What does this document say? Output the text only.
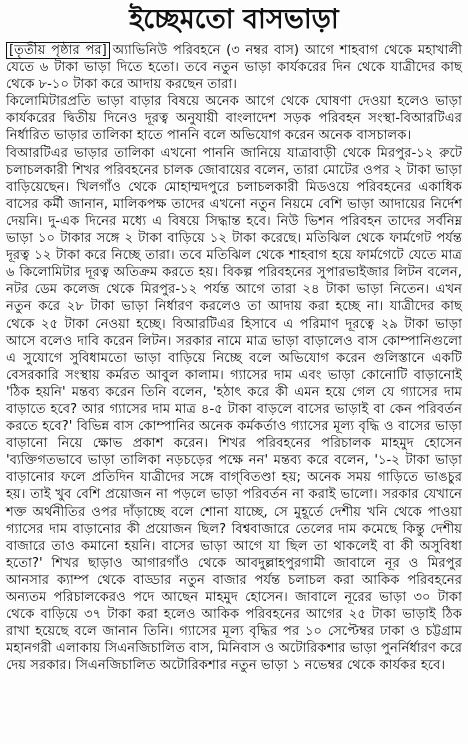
ইচ্ছেমতো বাসভাড়া

[তৃতীয় পৃষ্ঠার পর] অ্যাভিনিউ পরিবহনে (৩ নম্বর বাস) আগে শাহবাগ থেকে মহাখালী যেতে ৬ টাকা ভাড়া দিতে হতো। তবে নতুন ভাড়া কার্যকরের দিন থেকে যাত্রীদের কাছ থেকে ৮-১০ টাকা করে আদায় করছেন তারা।

কিলোমিটারপ্রতি ভাড়া বাড়ার বিষয়ে অনেক আগে থেকে ঘোষণা দেওয়া হলেও ভাড়া কার্যকরের দ্বিতীয় দিনেও দূরত্ব অনুযায়ী বাংলাদেশ সড়ক পরিবহন সংস্থা-বিআরটিএর নির্ধারিত ভাড়ার তালিকা হাতে পাননি বলে অভিযোগ করেন অনেক বাসচালক।

বিআরটিএর ভাড়ার তালিকা এখনো পাননি জানিয়ে যাত্রাবাড়ী থেকে মিরপুর-১২ রুটে চলাচলকারী শিখর পরিবহনের চালক জোবায়ের বলেন, তারা মোটের ওপর ২ টাকা ভাড়া বাড়িয়েছেন। খিলগাঁও থেকে মোহাম্মদপুরে চলাচলকারী মিডওয়ে পরিবহনের একাধিক বাসের কর্মী জানান, মালিকপক্ষ তাদের এখনো নতুন নিয়মে বেশি ভাড়া আদায়ের নির্দেশ দেয়নি। দু-এক দিনের মধ্যে এ বিষয়ে সিদ্ধান্ত হবে। নিউ ভিশন পরিবহন তাদের সর্বনিম্ন ভাড়া ১০ টাকার সঙ্গে ২ টাকা বাড়িয়ে ১২ টাকা করেছে। মতিঝিল থেকে ফার্মগেট পর্যন্ত দূরত্ব ১২ টাকা করে নিচ্ছে তারা। তবে মতিঝিল থেকে শাহবাগ হয়ে ফার্মগেটে যেতে মাত্র ৬ কিলোমিটার দূরত্ব অতিক্রম করতে হয়। বিকল্প পরিবহনের সুপারভাইজার লিটন বলেন, নটর ডেম কলেজ থেকে মিরপুর-১২ পর্যন্ত আগে তারা ২৪ টাকা ভাড়া নিতেন। এখন নতুন করে ২৮ টাকা ভাড়া নির্ধারণ করলেও তা আদায় করা হচ্ছে না। যাত্রীদের কাছ থেকে ২৫ টাকা নেওয়া হচ্ছে। বিআরটিএর হিসাবে এ পরিমাণ দূরত্বে ২৯ টাকা ভাড়া আসে বলেও দাবি করেন লিটন। সরকার নামে মাত্র ভাড়া বাড়ালেও বাস কোম্পানিগুলো এ সুযোগে সুবিধামতো ভাড়া বাড়িয়ে নিচ্ছে বলে অভিযোগ করেন গুলিস্তানে একটি বেসরকারি সংস্থায় কর্মরত আবুল কালাম। গ্যাসের দাম এবং ভাড়া কোনোটি বাড়ানোই 'ঠিক হয়নি' মন্তব্য করেন তিনি বলেন, 'হঠাৎ করে কী এমন হয়ে গেল যে গ্যাসের দাম বাড়াতে হবে? আর গ্যাসের দাম মাত্র ৪-৫ টাকা বাড়লে বাসের ভাড়াই বা কেন পরিবর্তন করতে হবে?' বিভিন্ন বাস কোম্পানির অনেক কর্মকর্তাও গ্যাসের মূল্য বৃদ্ধি ও বাসের ভাড়া বাড়ানো নিয়ে ক্ষোভ প্রকাশ করেন। শিখর পরিবহনের পরিচালক মাহমুদ হোসেন 'ব্যক্তিগতভাবে ভাড়া তালিকা নড়চড়ের পক্ষে নন' মন্তব্য করে বলেন, '১-২ টাকা ভাড়া বাড়ানোর ফলে প্রতিদিন যাত্রীদের সঙ্গে বাগ্‌বিতণ্ডা হয়; অনেক সময় গাড়িতে ভাঙচুর হয়। তাই খুব বেশি প্রয়োজন না পড়লে ভাড়া পরিবর্তন না করাই ভালো। সরকার যেখানে শক্ত অর্থনীতির ওপর দাঁড়াচ্ছে বলে শোনা যাচ্ছে, সে মুহূর্তে দেশীয় খনি থেকে পাওয়া গ্যাসের দাম বাড়ানোর কী প্রয়োজন ছিল? বিশ্ববাজারে তেলের দাম কমেছে কিন্তু দেশীয় বাজারে তাও কমানো হয়নি। বাসের ভাড়া আগে যা ছিল তা থাকলেই বা কী অসুবিধা হতো?' শিখর ছাড়াও আগারগাঁও থেকে আবদুল্লাহপুরগামী জাবালে নূর ও মিরপুর আনসার ক্যাম্প থেকে বাড্ডার নতুন বাজার পর্যন্ত চলাচল করা আকিক পরিবহনের অন্যতম পরিচালকেরও পদে আছেন মাহমুদ হোসেন। জাবালে নূরের ভাড়া ৩০ টাকা থেকে বাড়িয়ে ৩৭ টাকা করা হলেও আকিক পরিবহনের আগের ২৫ টাকা ভাড়াই ঠিক রাখা হয়েছে বলে জানান তিনি। গ্যাসের মূল্য বৃদ্ধির পর ১০ সেপ্টেম্বর ঢাকা ও চট্টগ্রাম মহানগরী এলাকায় সিএনজিচালিত বাস, মিনিবাস ও অটোরিকশার ভাড়া পুনর্নির্ধারণ করে দেয় সরকার। সিএনজিচালিত অটোরিকশার নতুন ভাড়া ১ নভেম্বর থেকে কার্যকর হবে।
